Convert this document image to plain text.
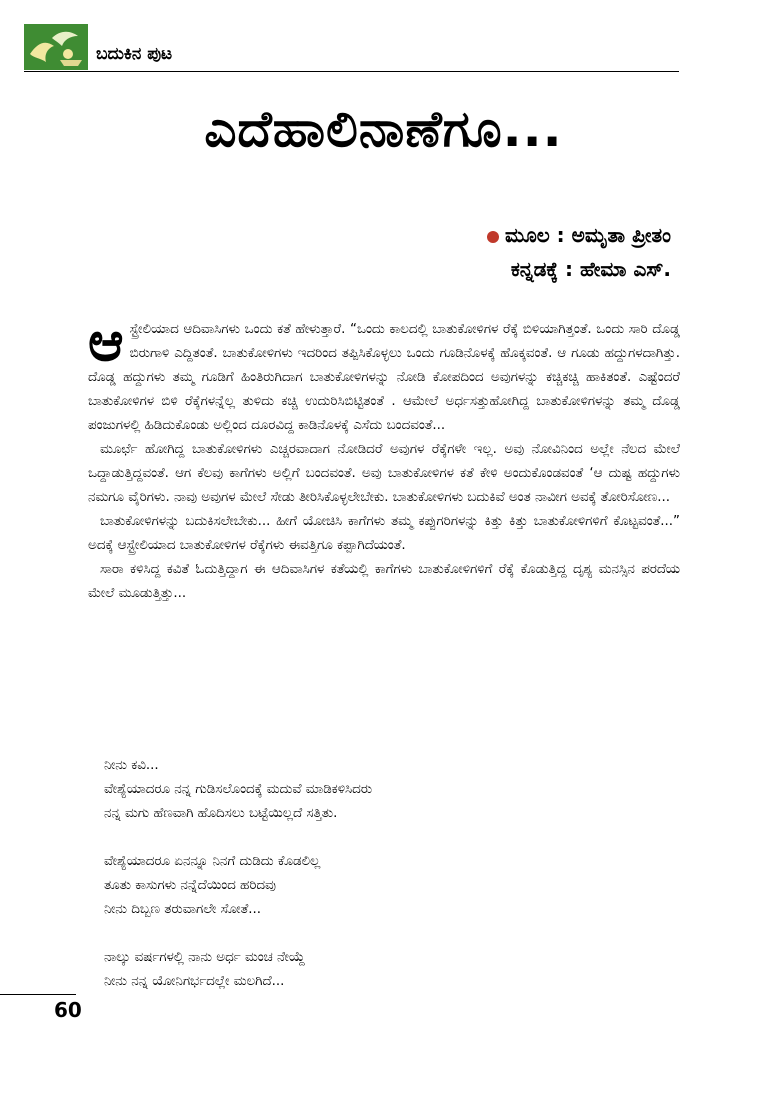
ಬದುಕಿನ ಪುಟ
ಎದೆಹಾಲಿನಾಣೆಗೂ...
ಮೂಲ : ಅಮೃತಾ ಪ್ರೀತಂ
ಕನ್ನಡಕ್ಕೆ : ಹೇಮಾ ಎಸ್.

ಆಸ್ಟ್ರೇಲಿಯಾದ ಆದಿವಾಸಿಗಳು ಒಂದು ಕತೆ ಹೇಳುತ್ತಾರೆ. “ಒಂದು ಕಾಲದಲ್ಲಿ ಬಾತುಕೋಳಿಗಳ ರೆಕ್ಕೆ ಬಿಳಿಯಾಗಿತ್ತಂತೆ. ಒಂದು ಸಾರಿ ದೊಡ್ಡ ಬಿರುಗಾಳಿ ಎದ್ದಿತಂತೆ. ಬಾತುಕೋಳಿಗಳು ಇದರಿಂದ ತಪ್ಪಿಸಿಕೊಳ್ಳಲು ಒಂದು ಗೂಡಿನೊಳಕ್ಕೆ ಹೊಕ್ಕವಂತೆ. ಆ ಗೂಡು ಹದ್ದುಗಳದಾಗಿತ್ತು. ದೊಡ್ಡ ಹದ್ದುಗಳು ತಮ್ಮ ಗೂಡಿಗೆ ಹಿಂತಿರುಗಿದಾಗ ಬಾತುಕೋಳಿಗಳನ್ನು ನೋಡಿ ಕೋಪದಿಂದ ಅವುಗಳನ್ನು ಕಚ್ಚಿಕಚ್ಚಿ ಹಾಕಿತಂತೆ. ಎಷ್ಟೆಂದರೆ ಬಾತುಕೋಳಿಗಳ ಬಿಳಿ ರೆಕ್ಕೆಗಳನ್ನೆಲ್ಲ ತುಳಿದು ಕಚ್ಚಿ ಉದುರಿಸಿಬಿಟ್ಟಿತಂತೆ . ಆಮೇಲೆ ಅರ್ಧಸತ್ತುಹೋಗಿದ್ದ ಬಾತುಕೋಳಿಗಳನ್ನು ತಮ್ಮ ದೊಡ್ಡ ಪಂಜುಗಳಲ್ಲಿ ಹಿಡಿದುಕೊಂಡು ಅಲ್ಲಿಂದ ದೂರವಿದ್ದ ಕಾಡಿನೊಳಕ್ಕೆ ಎಸೆದು ಬಂದವಂತೆ...

ಮೂರ್ಛೆ ಹೋಗಿದ್ದ ಬಾತುಕೋಳಿಗಳು ಎಚ್ಚರವಾದಾಗ ನೋಡಿದರೆ ಅವುಗಳ ರೆಕ್ಕೆಗಳೇ ಇಲ್ಲ. ಅವು ನೋವಿನಿಂದ ಅಲ್ಲೇ ನೆಲದ ಮೇಲೆ ಒದ್ದಾಡುತ್ತಿದ್ದವಂತೆ. ಆಗ ಕೆಲವು ಕಾಗೆಗಳು ಅಲ್ಲಿಗೆ ಬಂದವಂತೆ. ಅವು ಬಾತುಕೋಳಿಗಳ ಕತೆ ಕೇಳಿ ಅಂದುಕೊಂಡವಂತೆ ‘ಆ ದುಷ್ಟ ಹದ್ದುಗಳು ನಮಗೂ ವೈರಿಗಳು. ನಾವು ಅವುಗಳ ಮೇಲೆ ಸೇಡು ತೀರಿಸಿಕೊಳ್ಳಲೇಬೇಕು. ಬಾತುಕೋಳಿಗಳು ಬದುಕಿವೆ ಅಂತ ನಾವೀಗ ಅವಕ್ಕೆ ತೋರಿಸೋಣ...

ಬಾತುಕೋಳಿಗಳನ್ನು ಬದುಕಿಸಲೇಬೇಕು... ಹೀಗೆ ಯೋಚಿಸಿ ಕಾಗೆಗಳು ತಮ್ಮ ಕಪ್ಪುಗರಿಗಳನ್ನು ಕಿತ್ತು ಕಿತ್ತು ಬಾತುಕೋಳಿಗಳಿಗೆ ಕೊಟ್ಟವಂತೆ...” ಅದಕ್ಕೆ ಆಸ್ಟ್ರೇಲಿಯಾದ ಬಾತುಕೋಳಿಗಳ ರೆಕ್ಕೆಗಳು ಈವತ್ತಿಗೂ ಕಪ್ಪಾಗಿದೆಯಂತೆ.

ಸಾರಾ ಕಳಿಸಿದ್ದ ಕವಿತೆ ಓದುತ್ತಿದ್ದಾಗ ಈ ಆದಿವಾಸಿಗಳ ಕತೆಯಲ್ಲಿ ಕಾಗೆಗಳು ಬಾತುಕೋಳಿಗಳಿಗೆ ರೆಕ್ಕೆ ಕೊಡುತ್ತಿದ್ದ ದೃಶ್ಯ ಮನಸ್ಸಿನ ಪರದೆಯ ಮೇಲೆ ಮೂಡುತ್ತಿತ್ತು...

ನೀನು ಕವಿ...
ವೇಶ್ಯೆಯಾದರೂ ನನ್ನ ಗುಡಿಸಲೊಂದಕ್ಕೆ ಮದುವೆ ಮಾಡಿಕಳಿಸಿದರು
ನನ್ನ ಮಗು ಹೆಣವಾಗಿ ಹೊದಿಸಲು ಬಟ್ಟೆಯಿಲ್ಲದೆ ಸತ್ತಿತು.
ವೇಶ್ಯೆಯಾದರೂ ಏನನ್ನೂ ನಿನಗೆ ದುಡಿದು ಕೊಡಲಿಲ್ಲ
ತೂತು ಕಾಸುಗಳು ನನ್ನೆದೆಯಿಂದ ಹರಿದವು
ನೀನು ದಿಬ್ಬಣ ತರುವಾಗಲೇ ಸೋತೆ...
ನಾಲ್ಕು ವರ್ಷಗಳಲ್ಲಿ ನಾನು ಅರ್ಧ ಮಂಚ ನೇಯ್ದೆ
ನೀನು ನನ್ನ ಯೋನಿಗರ್ಭದಲ್ಲೇ ಮಲಗಿದೆ...
60
